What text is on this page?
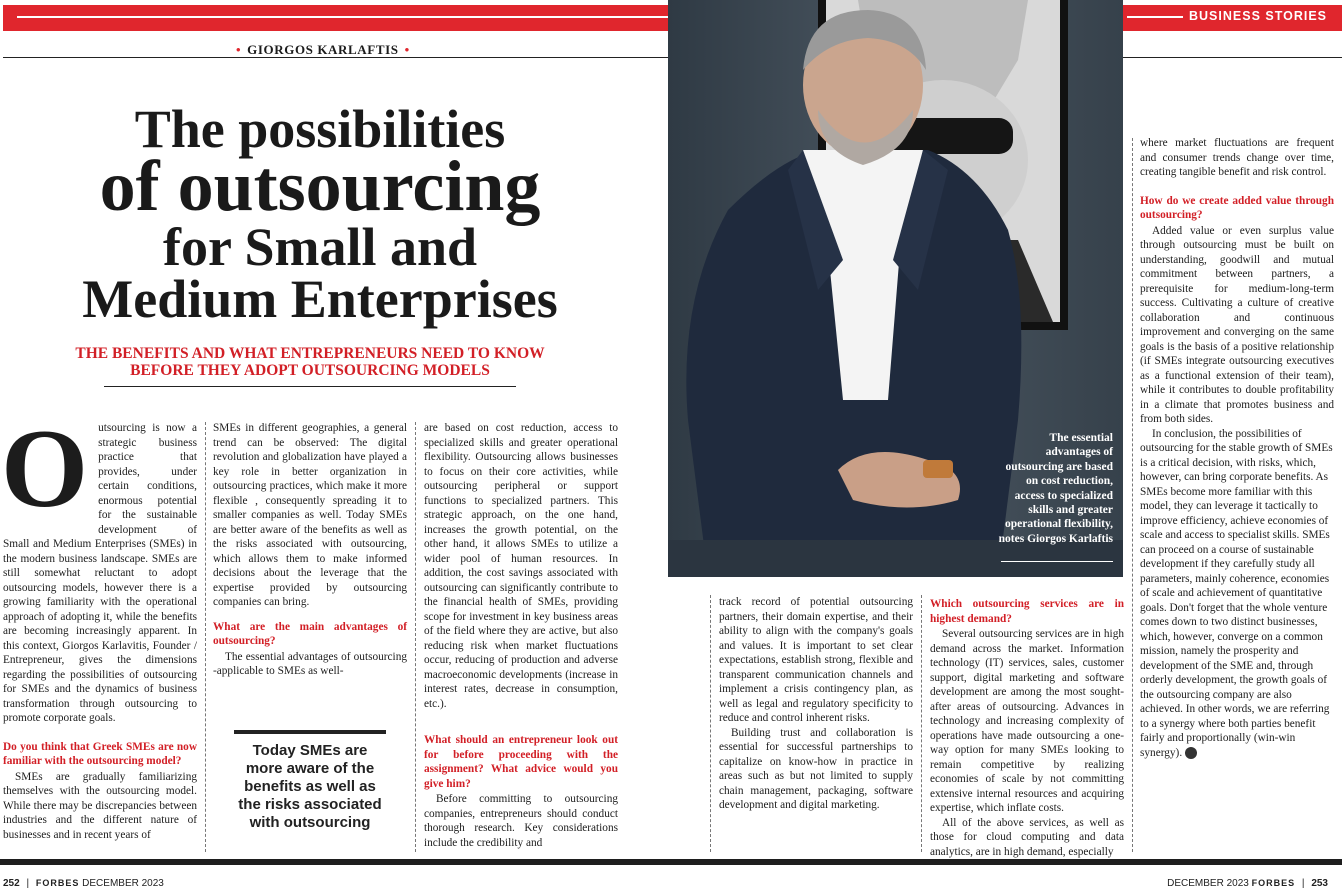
BUSINESS STORIES
• GIORGOS KARLAFTIS •
The possibilities
of outsourcing
for Small and
Medium Enterprises
THE BENEFITS AND WHAT ENTREPRENEURS NEED TO KNOW
BEFORE THEY ADOPT OUTSOURCING MODELS

Outsourcing is now a strategic business practice that provides, under certain conditions, enormous potential for the sustainable development of Small and Medium Enterprises (SMEs) in the modern business landscape. SMEs are still somewhat reluctant to adopt outsourcing models, however there is a growing familiarity with the operational approach of adopting it, while the benefits are becoming increasingly apparent. In this context, Giorgos Karlavitis, Founder / Entrepreneur, gives the dimensions regarding the possibilities of outsourcing for SMEs and the dynamics of business transformation through outsourcing to promote corporate goals.

Do you think that Greek SMEs are now familiar with the outsourcing model?

SMEs are gradually familiarizing themselves with the outsourcing model. While there may be discrepancies between industries and the different nature of businesses and in recent years of

SMEs in different geographies, a general trend can be observed: The digital revolution and globalization have played a key role in better organization in outsourcing practices, which make it more flexible , consequently spreading it to smaller companies as well. Today SMEs are better aware of the benefits as well as the risks associated with outsourcing, which allows them to make informed decisions about the leverage that the expertise provided by outsourcing companies can bring.

What are the main advantages of outsourcing?

The essential advantages of outsourcing -applicable to SMEs as well-

Today SMEs are more aware of the benefits as well as the risks associated with outsourcing

are based on cost reduction, access to specialized skills and greater operational flexibility. Outsourcing allows businesses to focus on their core activities, while outsourcing peripheral or support functions to specialized partners. This strategic approach, on the one hand, increases the growth potential, on the other hand, it allows SMEs to utilize a wider pool of human resources. In addition, the cost savings associated with outsourcing can significantly contribute to the financial health of SMEs, providing scope for investment in key business areas of the field where they are active, but also reducing risk when market fluctuations occur, reducing of production and adverse macroeconomic developments (increase in interest rates, decrease in consumption, etc.).

What should an entrepreneur look out for before proceeding with the assignment? What advice would you give him?

Before committing to outsourcing companies, entrepreneurs should conduct thorough research. Key considerations include the credibility and

The essential advantages of outsourcing are based on cost reduction, access to specialized skills and greater operational flexibility, notes Giorgos Karlaftis

track record of potential outsourcing partners, their domain expertise, and their ability to align with the company's goals and values. It is important to set clear expectations, establish strong, flexible and transparent communication channels and implement a crisis contingency plan, as well as legal and regulatory specificity to reduce and control inherent risks.

Building trust and collaboration is essential for successful partnerships to capitalize on know-how in practice in areas such as but not limited to supply chain management, packaging, software development and digital marketing.

Which outsourcing services are in highest demand?

Several outsourcing services are in high demand across the market. Information technology (IT) services, sales, customer support, digital marketing and software development are among the most sought-after areas of outsourcing. Advances in technology and increasing complexity of operations have made outsourcing a one-way option for many SMEs looking to remain competitive by realizing economies of scale by not committing extensive internal resources and acquiring expertise, which inflate costs.

All of the above services, as well as those for cloud computing and data analytics, are in high demand, especially

where market fluctuations are frequent and consumer trends change over time, creating tangible benefit and risk control.

How do we create added value through outsourcing?

Added value or even surplus value through outsourcing must be built on understanding, goodwill and mutual commitment between partners, a prerequisite for medium-long-term success. Cultivating a culture of creative collaboration and continuous improvement and converging on the same goals is the basis of a positive relationship (if SMEs integrate outsourcing executives as a functional extension of their team), while it contributes to double profitability in a climate that promotes business and from both sides.

In conclusion, the possibilities of outsourcing for the stable growth of SMEs is a critical decision, with risks, which, however, can bring corporate benefits. As SMEs become more familiar with this model, they can leverage it tactically to improve efficiency, achieve economies of scale and access to specialist skills. SMEs can proceed on a course of sustainable development if they carefully study all parameters, mainly coherence, economies of scale and achievement of quantitative goals. Don't forget that the whole venture comes down to two distinct businesses, which, however, converge on a common mission, namely the prosperity and development of the SME and, through orderly development, the growth goals of the outsourcing company are also achieved. In other words, we are referring to a synergy where both parties benefit fairly and proportionally (win-win synergy). F

252 | FORBES DECEMBER 2023	DECEMBER 2023 FORBES | 253
